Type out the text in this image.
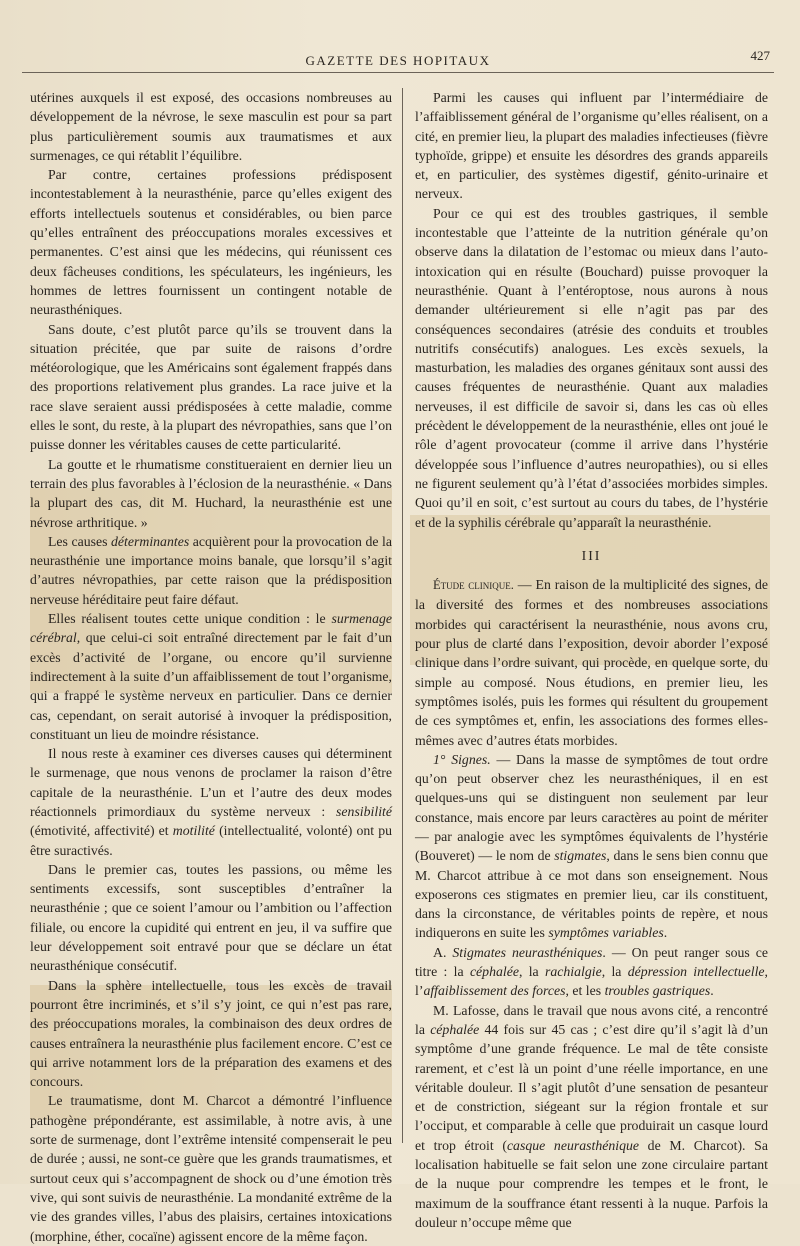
GAZETTE DES HOPITAUX	427

utérines auxquels il est exposé, des occasions nombreuses au développement de la névrose, le sexe masculin est pour sa part plus particulièrement soumis aux traumatismes et aux surmenages, ce qui rétablit l’équilibre.

Par contre, certaines professions prédisposent incontestablement à la neurasthénie, parce qu’elles exigent des efforts intellectuels soutenus et considérables, ou bien parce qu’elles entraînent des préoccupations morales excessives et permanentes. C’est ainsi que les médecins, qui réunissent ces deux fâcheuses conditions, les spéculateurs, les ingénieurs, les hommes de lettres fournissent un contingent notable de neurasthéniques.

Sans doute, c’est plutôt parce qu’ils se trouvent dans la situation précitée, que par suite de raisons d’ordre météorologique, que les Américains sont également frappés dans des proportions relativement plus grandes. La race juive et la race slave seraient aussi prédisposées à cette maladie, comme elles le sont, du reste, à la plupart des névropathies, sans que l’on puisse donner les véritables causes de cette particularité.

La goutte et le rhumatisme constitueraient en dernier lieu un terrain des plus favorables à l’éclosion de la neurasthénie. « Dans la plupart des cas, dit M. Huchard, la neurasthénie est une névrose arthritique. »

Les causes déterminantes acquièrent pour la provocation de la neurasthénie une importance moins banale, que lorsqu’il s’agit d’autres névropathies, par cette raison que la prédisposition nerveuse héréditaire peut faire défaut.

Elles réalisent toutes cette unique condition : le surmenage cérébral, que celui-ci soit entraîné directement par le fait d’un excès d’activité de l’organe, ou encore qu’il survienne indirectement à la suite d’un affaiblissement de tout l’organisme, qui a frappé le système nerveux en particulier. Dans ce dernier cas, cependant, on serait autorisé à invoquer la prédisposition, constituant un lieu de moindre résistance.

Il nous reste à examiner ces diverses causes qui déterminent le surmenage, que nous venons de proclamer la raison d’être capitale de la neurasthénie. L’un et l’autre des deux modes réactionnels primordiaux du système nerveux : sensibilité (émotivité, affectivité) et motilité (intellectualité, volonté) ont pu être suractivés.

Dans le premier cas, toutes les passions, ou même les sentiments excessifs, sont susceptibles d’entraîner la neurasthénie ; que ce soient l’amour ou l’ambition ou l’affection filiale, ou encore la cupidité qui entrent en jeu, il va suffire que leur développement soit entravé pour que se déclare un état neurasthénique consécutif.

Dans la sphère intellectuelle, tous les excès de travail pourront être incriminés, et s’il s’y joint, ce qui n’est pas rare, des préoccupations morales, la combinaison des deux ordres de causes entraînera la neurasthénie plus facilement encore. C’est ce qui arrive notamment lors de la préparation des examens et des concours.

Le traumatisme, dont M. Charcot a démontré l’influence pathogène prépondérante, est assimilable, à notre avis, à une sorte de surmenage, dont l’extrême intensité compenserait le peu de durée ; aussi, ne sont-ce guère que les grands traumatismes, et surtout ceux qui s’accompagnent de shock ou d’une émotion très vive, qui sont suivis de neurasthénie. La mondanité extrême de la vie des grandes villes, l’abus des plaisirs, certaines intoxications (morphine, éther, cocaïne) agissent encore de la même façon.

Parmi les causes qui influent par l’intermédiaire de l’affaiblissement général de l’organisme qu’elles réalisent, on a cité, en premier lieu, la plupart des maladies infectieuses (fièvre typhoïde, grippe) et ensuite les désordres des grands appareils et, en particulier, des systèmes digestif, génito-urinaire et nerveux.

Pour ce qui est des troubles gastriques, il semble incontestable que l’atteinte de la nutrition générale qu’on observe dans la dilatation de l’estomac ou mieux dans l’auto-intoxication qui en résulte (Bouchard) puisse provoquer la neurasthénie. Quant à l’entéroptose, nous aurons à nous demander ultérieurement si elle n’agit pas par des conséquences secondaires (atrésie des conduits et troubles nutritifs consécutifs) analogues. Les excès sexuels, la masturbation, les maladies des organes génitaux sont aussi des causes fréquentes de neurasthénie. Quant aux maladies nerveuses, il est difficile de savoir si, dans les cas où elles précèdent le développement de la neurasthénie, elles ont joué le rôle d’agent provocateur (comme il arrive dans l’hystérie développée sous l’influence d’autres neuropathies), ou si elles ne figurent seulement qu’à l’état d’associées morbides simples. Quoi qu’il en soit, c’est surtout au cours du tabes, de l’hystérie et de la syphilis cérébrale qu’apparaît la neurasthénie.

III

Étude clinique. — En raison de la multiplicité des signes, de la diversité des formes et des nombreuses associations morbides qui caractérisent la neurasthénie, nous avons cru, pour plus de clarté dans l’exposition, devoir aborder l’exposé clinique dans l’ordre suivant, qui procède, en quelque sorte, du simple au composé. Nous étudions, en premier lieu, les symptômes isolés, puis les formes qui résultent du groupement de ces symptômes et, enfin, les associations des formes elles-mêmes avec d’autres états morbides.

1° Signes. — Dans la masse de symptômes de tout ordre qu’on peut observer chez les neurasthéniques, il en est quelques-uns qui se distinguent non seulement par leur constance, mais encore par leurs caractères au point de mériter — par analogie avec les symptômes équivalents de l’hystérie (Bouveret) — le nom de stigmates, dans le sens bien connu que M. Charcot attribue à ce mot dans son enseignement. Nous exposerons ces stigmates en premier lieu, car ils constituent, dans la circonstance, de véritables points de repère, et nous indiquerons en suite les symptômes variables.

A. Stigmates neurasthéniques. — On peut ranger sous ce titre : la céphalée, la rachialgie, la dépression intellectuelle, l’affaiblissement des forces, et les troubles gastriques.

M. Lafosse, dans le travail que nous avons cité, a rencontré la céphalée 44 fois sur 45 cas ; c’est dire qu’il s’agit là d’un symptôme d’une grande fréquence. Le mal de tête consiste rarement, et c’est là un point d’une réelle importance, en une véritable douleur. Il s’agit plutôt d’une sensation de pesanteur et de constriction, siégeant sur la région frontale et sur l’occiput, et comparable à celle que produirait un casque lourd et trop étroit (casque neurasthénique de M. Charcot). Sa localisation habituelle se fait selon une zone circulaire partant de la nuque pour comprendre les tempes et le front, le maximum de la souffrance étant ressenti à la nuque. Parfois la douleur n’occupe même que
